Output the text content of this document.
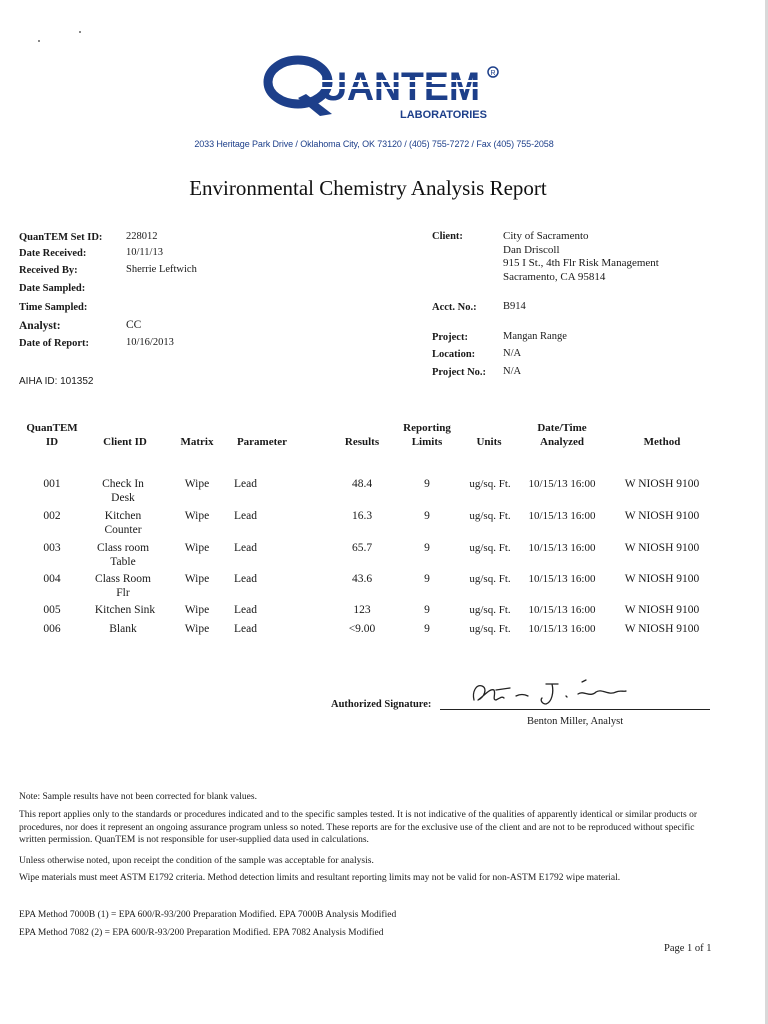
LABORATORIES
R
2033 Heritage Park Drive / Oklahoma City, OK 73120 / (405) 755-7272 / Fax (405) 755-2058
Environmental Chemistry Analysis Report
QuanTEM Set ID: 228012
Date Received:	10/11/13
Received By:	Sherrie Leftwich
Date Sampled:
Time Sampled:
Analyst:	CC
Date of Report:	10/16/2013
AIHA ID: 101352
Client:	City of Sacramento
Dan Driscoll
915 I St., 4th Flr Risk Management
Sacramento, CA 95814
Acct. No.:	B914
Project:	Mangan Range
Location:	N/A
Project No.: N/A
QuanTEM
ID	Client ID	Matrix	Parameter	Results
Reporting
Limits	Units
Date/Time
Analyzed	Method
001	Check In
Desk
Wipe	Lead	48.4	9	ug/sq. Ft.	10/15/13 16:00	W NIOSH 9100
002	Kitchen
Counter
Wipe	Lead	16.3	9	ug/sq. Ft.	10/15/13 16:00	W NIOSH 9100
003	Class room
Table
Wipe	Lead	65.7	9	ug/sq. Ft.	10/15/13 16:00	W NIOSH 9100
004	Class Room
Flr
Wipe	Lead	43.6	9	ug/sq. Ft.	10/15/13 16:00	W NIOSH 9100
005	Kitchen Sink	Wipe	Lead	123	9	ug/sq. Ft.	10/15/13 16:00	W NIOSH 9100
006	Blank	Wipe	Lead	<9.00	9	ug/sq. Ft.	10/15/13 16:00	W NIOSH 9100
Authorized Signature:
Benton Miller, Analyst
Note: Sample results have not been corrected for blank values.
This report applies only to the standards or procedures indicated and to the specific samples tested. It is not indicative of the qualities of apparently identical or similar products or procedures, nor does it represent an ongoing assurance program unless so noted. These reports are for the exclusive use of the client and are not to be reproduced without specific written permission. QuanTEM is not responsible for user-supplied data used in calculations.
Unless otherwise noted, upon receipt the condition of the sample was acceptable for analysis.
Wipe materials must meet ASTM E1792 criteria. Method detection limits and resultant reporting limits may not be valid for non-ASTM E1792 wipe material.
EPA Method 7000B (1) = EPA 600/R-93/200 Preparation Modified. EPA 7000B Analysis Modified
EPA Method 7082 (2) = EPA 600/R-93/200 Preparation Modified. EPA 7082 Analysis Modified
Page 1 of 1
